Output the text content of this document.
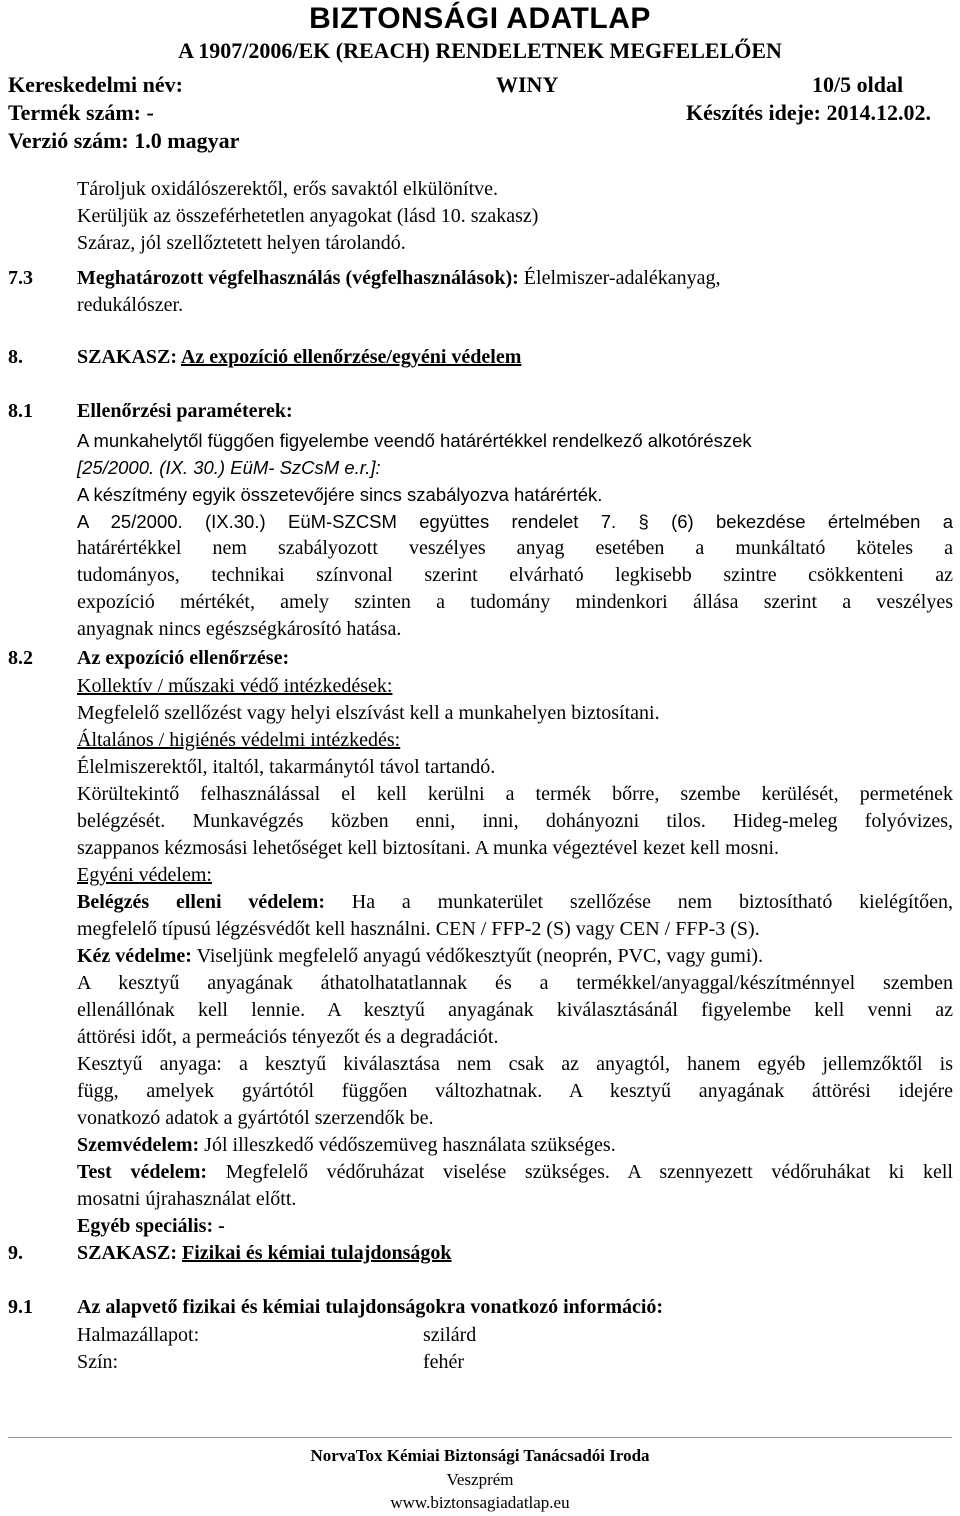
BIZTONSÁGI ADATLAP
A 1907/2006/EK (REACH) RENDELETNEK MEGFELELŐEN
Kereskedelmi név:	WINY	10/5 oldal
Termék szám: -	Készítés ideje: 2014.12.02.
Verzió szám: 1.0 magyar
Tároljuk oxidálószerektől, erős savaktól elkülönítve.
Kerüljük az összeférhetetlen anyagokat (lásd 10. szakasz)
Száraz, jól szellőztetett helyen tárolandó.
7.3 Meghatározott végfelhasználás (végfelhasználások): Élelmiszer-adalékanyag,
redukálószer.
8.	SZAKASZ: Az expozíció ellenőrzése/egyéni védelem
8.1 Ellenőrzési paraméterek:
A munkahelytől függően figyelembe veendő határértékkel rendelkező alkotórészek
[25/2000. (IX. 30.) EüM- SzCsM e.r.]:
A készítmény egyik összetevőjére sincs szabályozva határérték.
A 25/2000. (IX.30.) EüM-SZCSM együttes rendelet 7. § (6) bekezdése értelmében a
határértékkel nem szabályozott veszélyes anyag esetében a munkáltató köteles a
tudományos, technikai színvonal szerint elvárható legkisebb szintre csökkenteni az
expozíció mértékét, amely szinten a tudomány mindenkori állása szerint a veszélyes
anyagnak nincs egészségkárosító hatása.
8.2 Az expozíció ellenőrzése:
Kollektív / műszaki védő intézkedések:
Megfelelő szellőzést vagy helyi elszívást kell a munkahelyen biztosítani.
Általános / higiénés védelmi intézkedés:
Élelmiszerektől, italtól, takarmánytól távol tartandó.
Körültekintő felhasználással el kell kerülni a termék bőrre, szembe kerülését, permetének
belégzését. Munkavégzés közben enni, inni, dohányozni tilos. Hideg-meleg folyóvizes,
szappanos kézmosási lehetőséget kell biztosítani. A munka végeztével kezet kell mosni.
Egyéni védelem:
Belégzés elleni védelem: Ha a munkaterület szellőzése nem biztosítható kielégítően,
megfelelő típusú légzésvédőt kell használni. CEN / FFP-2 (S) vagy CEN / FFP-3 (S).
Kéz védelme: Viseljünk megfelelő anyagú védőkesztyűt (neoprén, PVC, vagy gumi).
A kesztyű anyagának áthatolhatatlannak és a termékkel/anyaggal/készítménnyel szemben
ellenállónak kell lennie. A kesztyű anyagának kiválasztásánál figyelembe kell venni az
áttörési időt, a permeációs tényezőt és a degradációt.
Kesztyű anyaga: a kesztyű kiválasztása nem csak az anyagtól, hanem egyéb jellemzőktől is
függ, amelyek gyártótól függően változhatnak. A kesztyű anyagának áttörési idejére
vonatkozó adatok a gyártótól szerzendők be.
Szemvédelem: Jól illeszkedő védőszemüveg használata szükséges.
Test védelem: Megfelelő védőruházat viselése szükséges. A szennyezett védőruhákat ki kell
mosatni újrahasználat előtt.
Egyéb speciális: -
9.	SZAKASZ: Fizikai és kémiai tulajdonságok
9.1 Az alapvető fizikai és kémiai tulajdonságokra vonatkozó információ:
Halmazállapot:	szilárd
Szín:	fehér
NorvaTox Kémiai Biztonsági Tanácsadói Iroda
Veszprém
www.biztonsagiadatlap.eu
